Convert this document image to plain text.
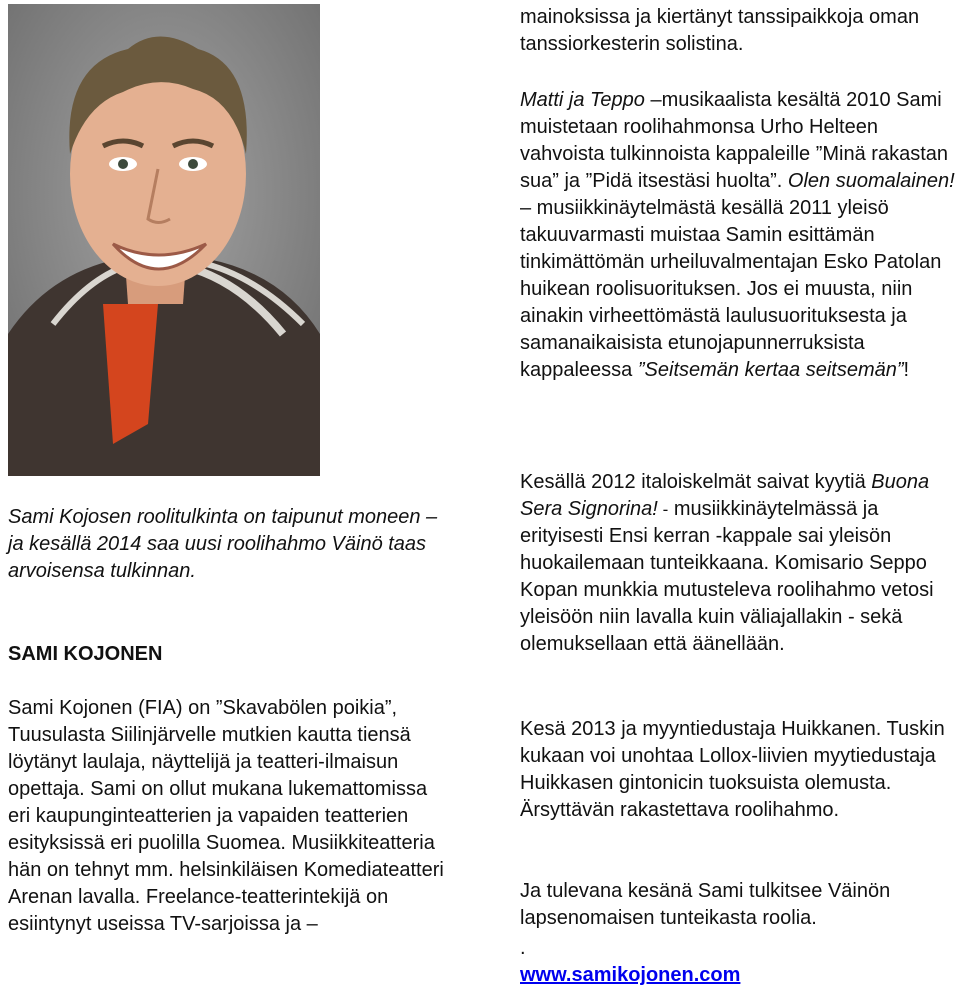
Sami Kojosen roolitulkinta on taipunut moneen – ja kesällä 2014 saa uusi roolihahmo Väinö taas arvoisensa tulkinnan.

SAMI KOJONEN

Sami Kojonen (FIA) on ”Skavabölen poikia”, Tuusulasta Siilinjärvelle mutkien kautta tiensä löytänyt laulaja, näyttelijä ja teatteri-ilmaisun opettaja. Sami on ollut mukana lukemattomissa eri kaupunginteatterien ja vapaiden teatterien esityksissä eri puolilla Suomea. Musiikkiteatteria hän on tehnyt mm. helsinkiläisen Komediateatteri Arenan lavalla. Freelance-teatterintekijä on esiintynyt useissa TV-sarjoissa ja –

mainoksissa ja kiertänyt tanssipaikkoja oman tanssiorkesterin solistina.

Matti ja Teppo –musikaalista kesältä 2010 Sami muistetaan roolihahmonsa Urho Helteen vahvoista tulkinnoista kappaleille ”Minä rakastan sua” ja ”Pidä itsestäsi huolta”. Olen suomalainen! – musiikkinäytelmästä kesällä 2011 yleisö takuuvarmasti muistaa Samin esittämän tinkimättömän urheiluvalmentajan Esko Patolan huikean roolisuorituksen. Jos ei muusta, niin ainakin virheettömästä laulusuorituksesta ja samanaikaisista etunojapunnerruksista kappaleessa ”Seitsemän kertaa seitsemän”!

Kesällä 2012 italoiskelmät saivat kyytiä Buona Sera Signorina! - musiikkinäytelmässä ja erityisesti Ensi kerran -kappale sai yleisön huokailemaan tunteikkaana. Komisario Seppo Kopan munkkia mutusteleva roolihahmo vetosi yleisöön niin lavalla kuin väliajallakin - sekä olemuksellaan että äänellään.

Kesä 2013 ja myyntiedustaja Huikkanen. Tuskin kukaan voi unohtaa Lollox-liivien myytiedustaja Huikkasen gintonicin tuoksuista olemusta. Ärsyttävän rakastettava roolihahmo.

Ja tulevana kesänä Sami tulkitsee Väinön lapsenomaisen tunteikasta roolia.

.

www.samikojonen.com
